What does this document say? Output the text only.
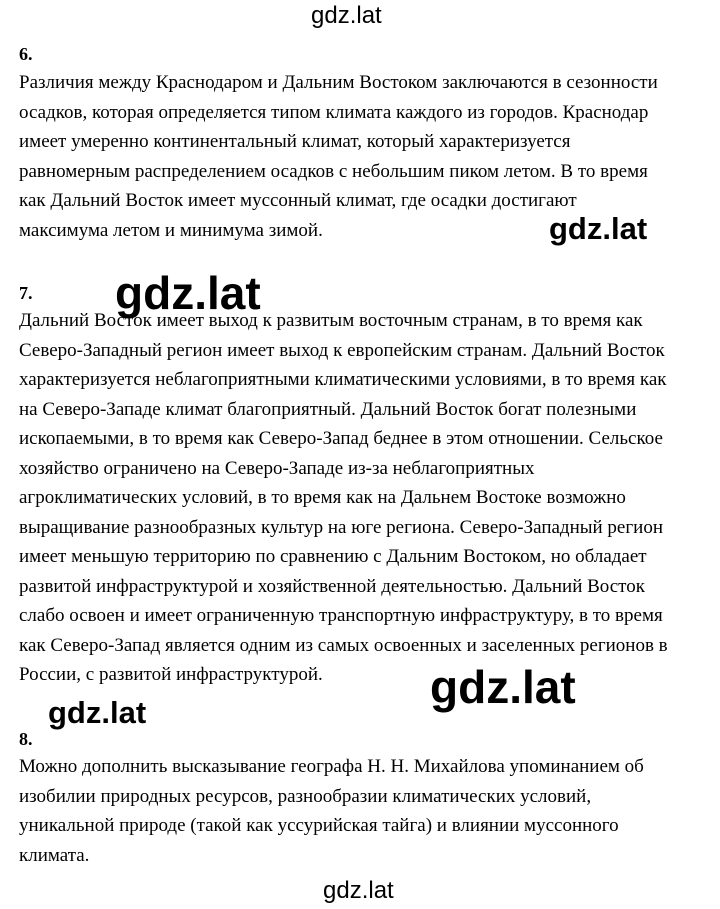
gdz.lat
6.

Различия между Краснодаром и Дальним Востоком заключаются в сезонности
осадков, которая определяется типом климата каждого из городов. Краснодар
имеет умеренно континентальный климат, который характеризуется
равномерным распределением осадков с небольшим пиком летом. В то время
как Дальний Восток имеет муссонный климат, где осадки достигают
максимума летом и минимума зимой.

7.

Дальний Восток имеет выход к развитым восточным странам, в то время как
Северо-Западный регион имеет выход к европейским странам. Дальний Восток
характеризуется неблагоприятными климатическими условиями, в то время как
на Северо-Западе климат благоприятный. Дальний Восток богат полезными
ископаемыми, в то время как Северо-Запад беднее в этом отношении. Сельское
хозяйство ограничено на Северо-Западе из-за неблагоприятных
агроклиматических условий, в то время как на Дальнем Востоке возможно
выращивание разнообразных культур на юге региона. Северо-Западный регион
имеет меньшую территорию по сравнению с Дальним Востоком, но обладает
развитой инфраструктурой и хозяйственной деятельностью. Дальний Восток
слабо освоен и имеет ограниченную транспортную инфраструктуру, в то время
как Северо-Запад является одним из самых освоенных и заселенных регионов в
России, с развитой инфраструктурой.

8.

Можно дополнить высказывание географа Н. Н. Михайлова упоминанием об
изобилии природных ресурсов, разнообразии климатических условий,
уникальной природе (такой как уссурийская тайга) и влиянии муссонного
климата.

gdz.lat
gdz.lat
gdz.lat
gdz.lat
gdz.lat
